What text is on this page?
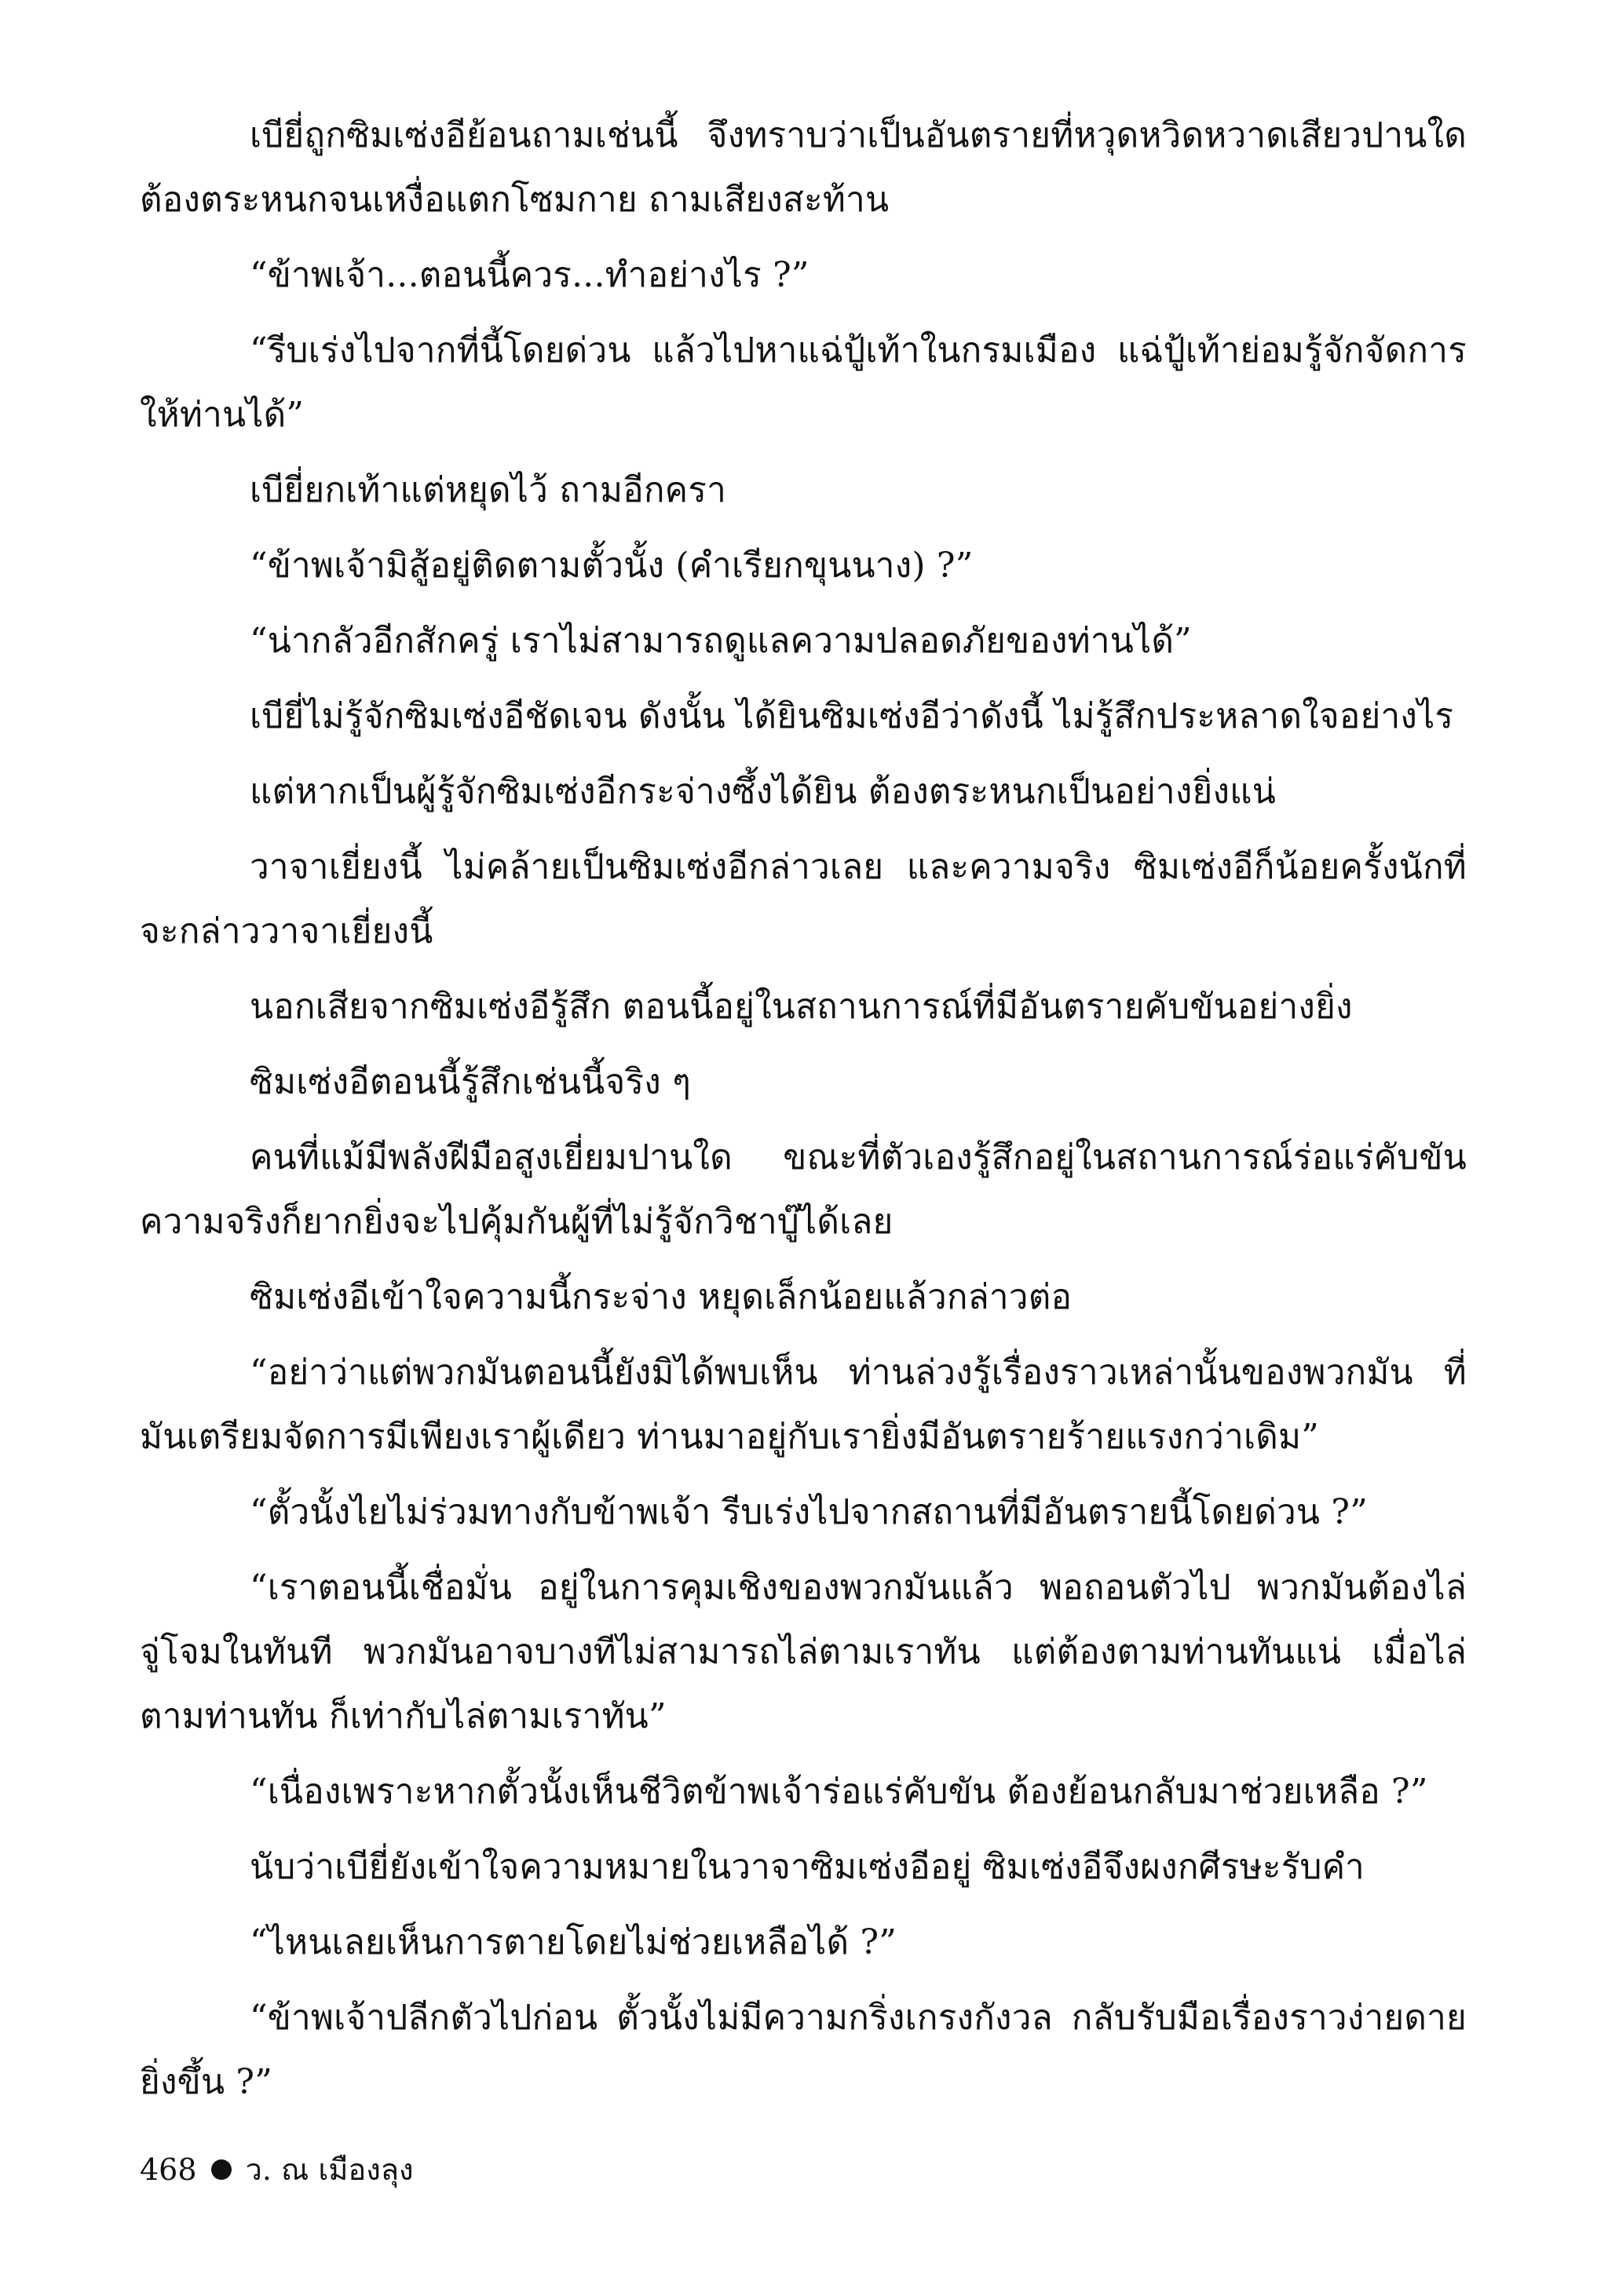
เบียี่ถูกซิมเซ่งอีย้อนถามเช่นนี้ จึงทราบว่าเป็นอันตรายที่หวุดหวิดหวาดเสียวปานใด ต้องตระหนกจนเหงื่อแตกโซมกาย ถามเสียงสะท้าน

“ข้าพเจ้า...ตอนนี้ควร...ทำอย่างไร ?”

“รีบเร่งไปจากที่นี้โดยด่วน แล้วไปหาแฉ่ปู้เท้าในกรมเมือง แฉ่ปู้เท้าย่อมรู้จักจัดการให้ท่านได้”

เบียี่ยกเท้าแต่หยุดไว้ ถามอีกครา

“ข้าพเจ้ามิสู้อยู่ติดตามตั้วนั้ง (คำเรียกขุนนาง) ?”

“น่ากลัวอีกสักครู่ เราไม่สามารถดูแลความปลอดภัยของท่านได้”

เบียี่ไม่รู้จักซิมเซ่งอีชัดเจน ดังนั้น ได้ยินซิมเซ่งอีว่าดังนี้ ไม่รู้สึกประหลาดใจอย่างไร

แต่หากเป็นผู้รู้จักซิมเซ่งอีกระจ่างซึ้งได้ยิน ต้องตระหนกเป็นอย่างยิ่งแน่

วาจาเยี่ยงนี้ ไม่คล้ายเป็นซิมเซ่งอีกล่าวเลย และความจริง ซิมเซ่งอีก็น้อยครั้งนักที่จะกล่าววาจาเยี่ยงนี้

นอกเสียจากซิมเซ่งอีรู้สึก ตอนนี้อยู่ในสถานการณ์ที่มีอันตรายคับขันอย่างยิ่ง

ซิมเซ่งอีตอนนี้รู้สึกเช่นนี้จริง ๆ

คนที่แม้มีพลังฝีมือสูงเยี่ยมปานใด ขณะที่ตัวเองรู้สึกอยู่ในสถานการณ์ร่อแร่คับขัน ความจริงก็ยากยิ่งจะไปคุ้มกันผู้ที่ไม่รู้จักวิชาบู๊ได้เลย

ซิมเซ่งอีเข้าใจความนี้กระจ่าง หยุดเล็กน้อยแล้วกล่าวต่อ

“อย่าว่าแต่พวกมันตอนนี้ยังมิได้พบเห็น ท่านล่วงรู้เรื่องราวเหล่านั้นของพวกมัน ที่มันเตรียมจัดการมีเพียงเราผู้เดียว ท่านมาอยู่กับเรายิ่งมีอันตรายร้ายแรงกว่าเดิม”

“ตั้วนั้งไยไม่ร่วมทางกับข้าพเจ้า รีบเร่งไปจากสถานที่มีอันตรายนี้โดยด่วน ?”

“เราตอนนี้เชื่อมั่น อยู่ในการคุมเชิงของพวกมันแล้ว พอถอนตัวไป พวกมันต้องไล่จู่โจมในทันที พวกมันอาจบางทีไม่สามารถไล่ตามเราทัน แต่ต้องตามท่านทันแน่ เมื่อไล่ตามท่านทัน ก็เท่ากับไล่ตามเราทัน”

“เนื่องเพราะหากตั้วนั้งเห็นชีวิตข้าพเจ้าร่อแร่คับขัน ต้องย้อนกลับมาช่วยเหลือ ?”

นับว่าเบียี่ยังเข้าใจความหมายในวาจาซิมเซ่งอีอยู่ ซิมเซ่งอีจึงผงกศีรษะรับคำ

“ไหนเลยเห็นการตายโดยไม่ช่วยเหลือได้ ?”

“ข้าพเจ้าปลีกตัวไปก่อน ตั้วนั้งไม่มีความกริ่งเกรงกังวล กลับรับมือเรื่องราวง่ายดายยิ่งขึ้น ?”

468 ว. ณ เมืองลุง
